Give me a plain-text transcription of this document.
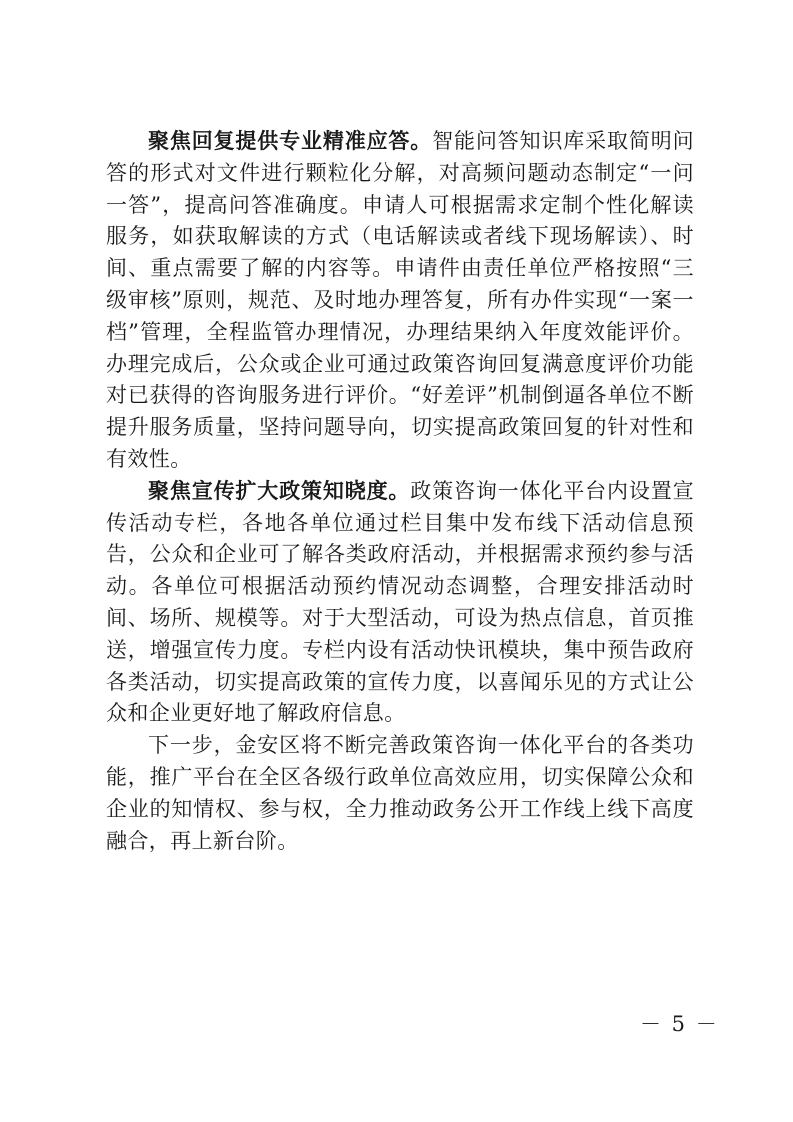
聚焦回复提供专业精准应答。智能问答知识库采取简明问答的形式对文件进行颗粒化分解，对高频问题动态制定“一问一答”，提高问答准确度。申请人可根据需求定制个性化解读服务，如获取解读的方式（电话解读或者线下现场解读）、时间、重点需要了解的内容等。申请件由责任单位严格按照“三级审核”原则，规范、及时地办理答复，所有办件实现“一案一档”管理，全程监管办理情况，办理结果纳入年度效能评价。办理完成后，公众或企业可通过政策咨询回复满意度评价功能对已获得的咨询服务进行评价。“好差评”机制倒逼各单位不断提升服务质量，坚持问题导向，切实提高政策回复的针对性和有效性。

聚焦宣传扩大政策知晓度。政策咨询一体化平台内设置宣传活动专栏，各地各单位通过栏目集中发布线下活动信息预告，公众和企业可了解各类政府活动，并根据需求预约参与活动。各单位可根据活动预约情况动态调整，合理安排活动时间、场所、规模等。对于大型活动，可设为热点信息，首页推送，增强宣传力度。专栏内设有活动快讯模块，集中预告政府各类活动，切实提高政策的宣传力度，以喜闻乐见的方式让公众和企业更好地了解政府信息。

下一步，金安区将不断完善政策咨询一体化平台的各类功能，推广平台在全区各级行政单位高效应用，切实保障公众和企业的知情权、参与权，全力推动政务公开工作线上线下高度融合，再上新台阶。

－ 5 －
